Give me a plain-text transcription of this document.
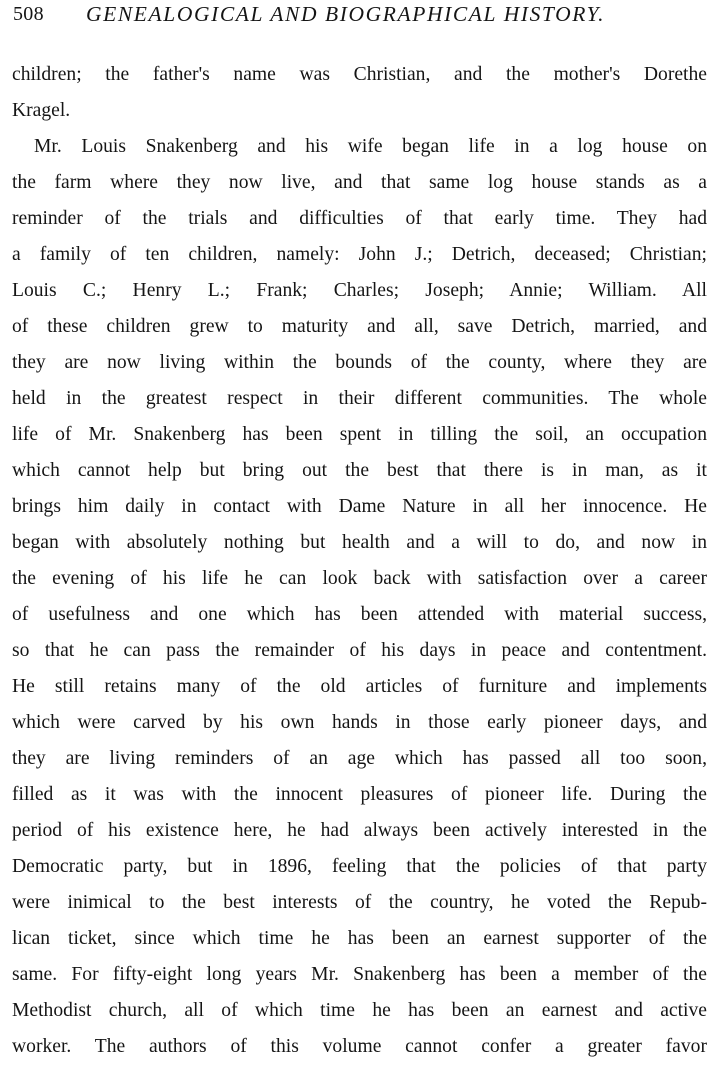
508 GENEALOGICAL AND BIOGRAPHICAL HISTORY.
children; the father's name was Christian, and the mother's Dorethe
Kragel.
Mr. Louis Snakenberg and his wife began life in a log house on
the farm where they now live, and that same log house stands as a
reminder of the trials and difficulties of that early time. They had
a family of ten children, namely: John J.; Detrich, deceased; Christian;
Louis C.; Henry L.; Frank; Charles; Joseph; Annie; William. All
of these children grew to maturity and all, save Detrich, married, and
they are now living within the bounds of the county, where they are
held in the greatest respect in their different communities. The whole
life of Mr. Snakenberg has been spent in tilling the soil, an occupation
which cannot help but bring out the best that there is in man, as it
brings him daily in contact with Dame Nature in all her innocence. He
began with absolutely nothing but health and a will to do, and now in
the evening of his life he can look back with satisfaction over a career
of usefulness and one which has been attended with material success,
so that he can pass the remainder of his days in peace and contentment.
He still retains many of the old articles of furniture and implements
which were carved by his own hands in those early pioneer days, and
they are living reminders of an age which has passed all too soon,
filled as it was with the innocent pleasures of pioneer life. During the
period of his existence here, he had always been actively interested in the
Democratic party, but in 1896, feeling that the policies of that party
were inimical to the best interests of the country, he voted the Repub-
lican ticket, since which time he has been an earnest supporter of the
same. For fifty-eight long years Mr. Snakenberg has been a member of the
Methodist church, all of which time he has been an earnest and active
worker. The authors of this volume cannot confer a greater favor
